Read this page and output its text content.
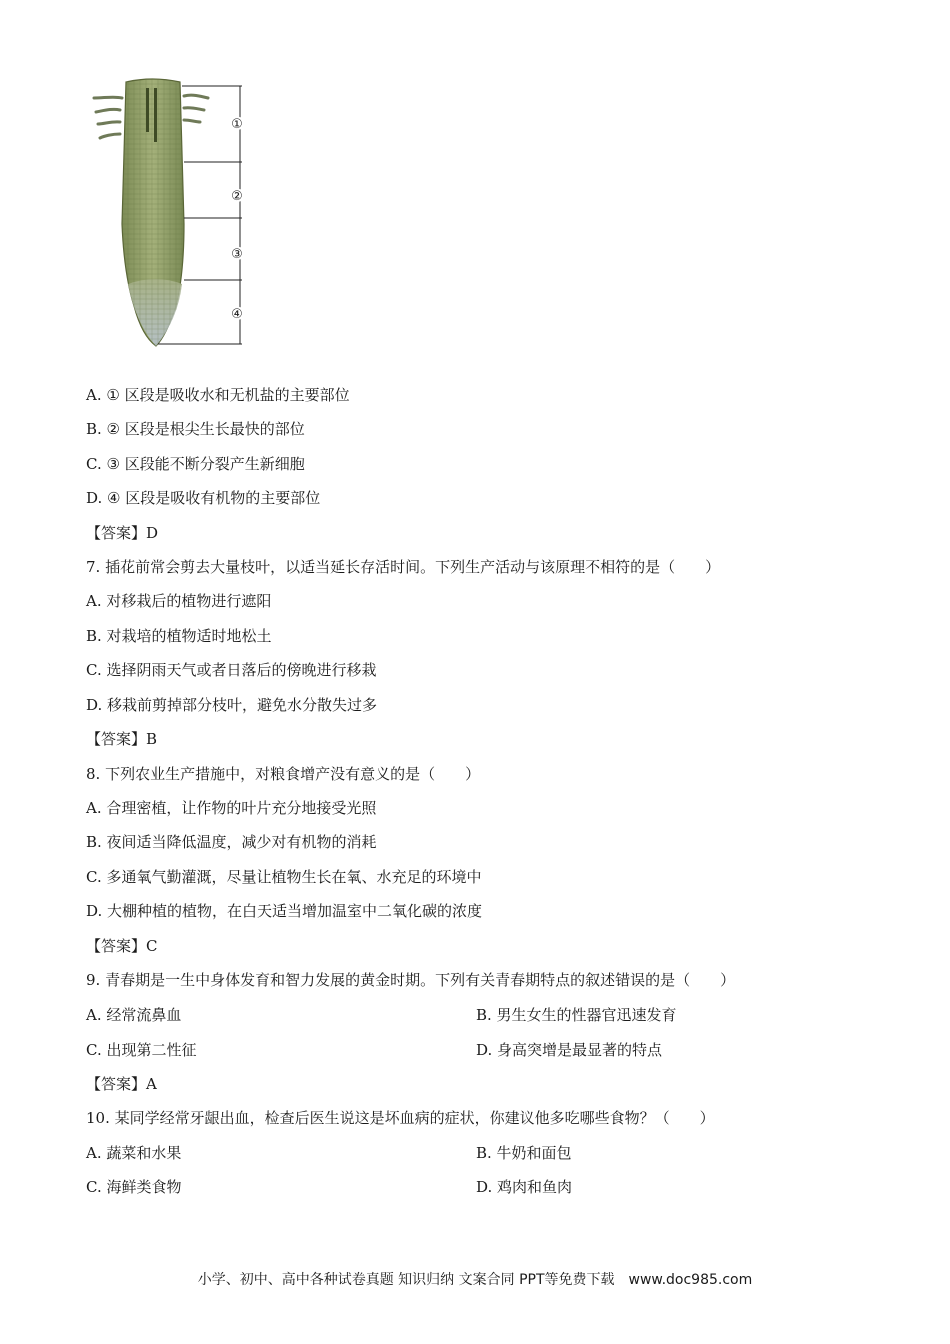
①
②
③
④
A. ① 区段是吸收水和无机盐的主要部位
B. ② 区段是根尖生长最快的部位
C. ③ 区段能不断分裂产生新细胞
D. ④ 区段是吸收有机物的主要部位
【答案】D
7. 插花前常会剪去大量枝叶，以适当延长存活时间。下列生产活动与该原理不相符的是（　　）
A. 对移栽后的植物进行遮阳
B. 对栽培的植物适时地松土
C. 选择阴雨天气或者日落后的傍晚进行移栽
D. 移栽前剪掉部分枝叶，避免水分散失过多
【答案】B
8. 下列农业生产措施中，对粮食增产没有意义的是（　　）
A. 合理密植，让作物的叶片充分地接受光照
B. 夜间适当降低温度，减少对有机物的消耗
C. 多通氧气勤灌溉，尽量让植物生长在氧、水充足的环境中
D. 大棚种植的植物，在白天适当增加温室中二氧化碳的浓度
【答案】C
9. 青春期是一生中身体发育和智力发展的黄金时期。下列有关青春期特点的叙述错误的是（　　）
A. 经常流鼻血	B. 男生女生的性器官迅速发育
C. 出现第二性征	D. 身高突增是最显著的特点
【答案】A
10. 某同学经常牙龈出血，检查后医生说这是坏血病的症状，你建议他多吃哪些食物？（　　）
A. 蔬菜和水果	B. 牛奶和面包
C. 海鲜类食物	D. 鸡肉和鱼肉
小学、初中、高中各种试卷真题 知识归纳 文案合同 PPT等免费下载　www.doc985.com
